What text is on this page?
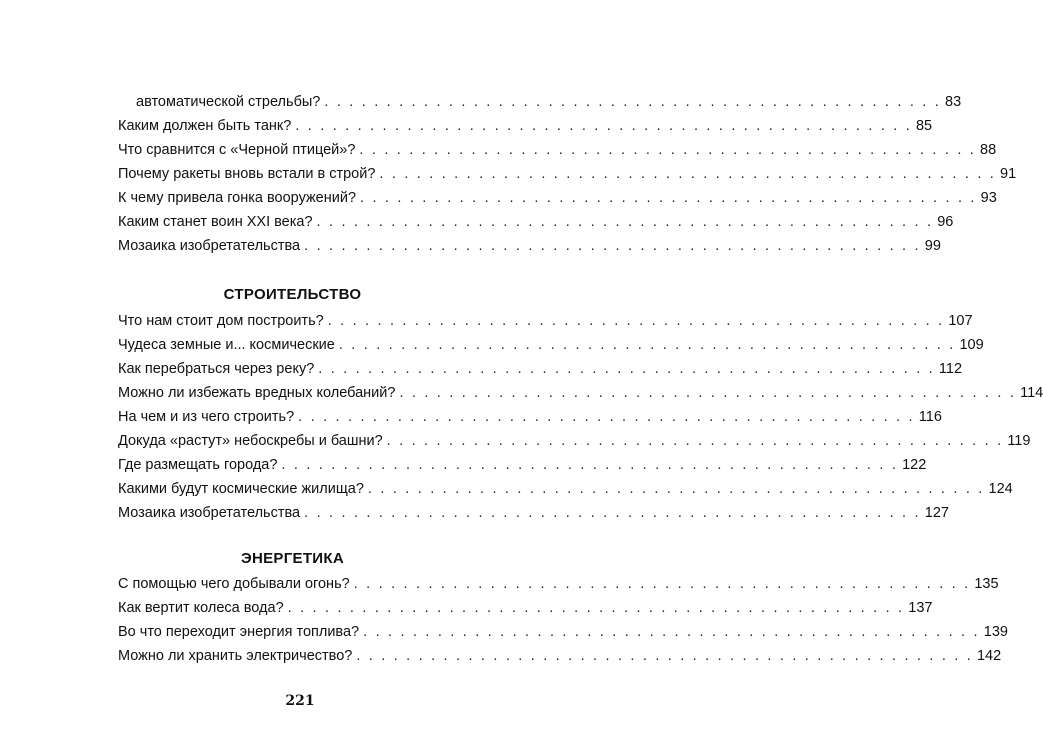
автоматической стрельбы? . . .	83
Каким должен быть танк? . . .	85
Что сравнится с «Черной птицей»? . . .	88
Почему ракеты вновь встали в строй? . . .	91
К чему привела гонка вооружений? . . .	93
Каким станет воин XXI века? . . .	96
Мозаика изобретательства . . .	99
СТРОИТЕЛЬСТВО
Что нам стоит дом построить? . . .	107
Чудеса земные и... космические . . .	109
Как перебраться через реку? . . .	112
Можно ли избежать вредных колебаний? . . .	114
На чем и из чего строить? . . .	116
Докуда «растут» небоскребы и башни? . . .	119
Где размещать города? . . .	122
Какими будут космические жилища? . . .	124
Мозаика изобретательства . . .	127
ЭНЕРГЕТИКА
С помощью чего добывали огонь? . . .	135
Как вертит колеса вода? . . .	137
Во что переходит энергия топлива? . . .	139
Можно ли хранить электричество? . . .	142
221
